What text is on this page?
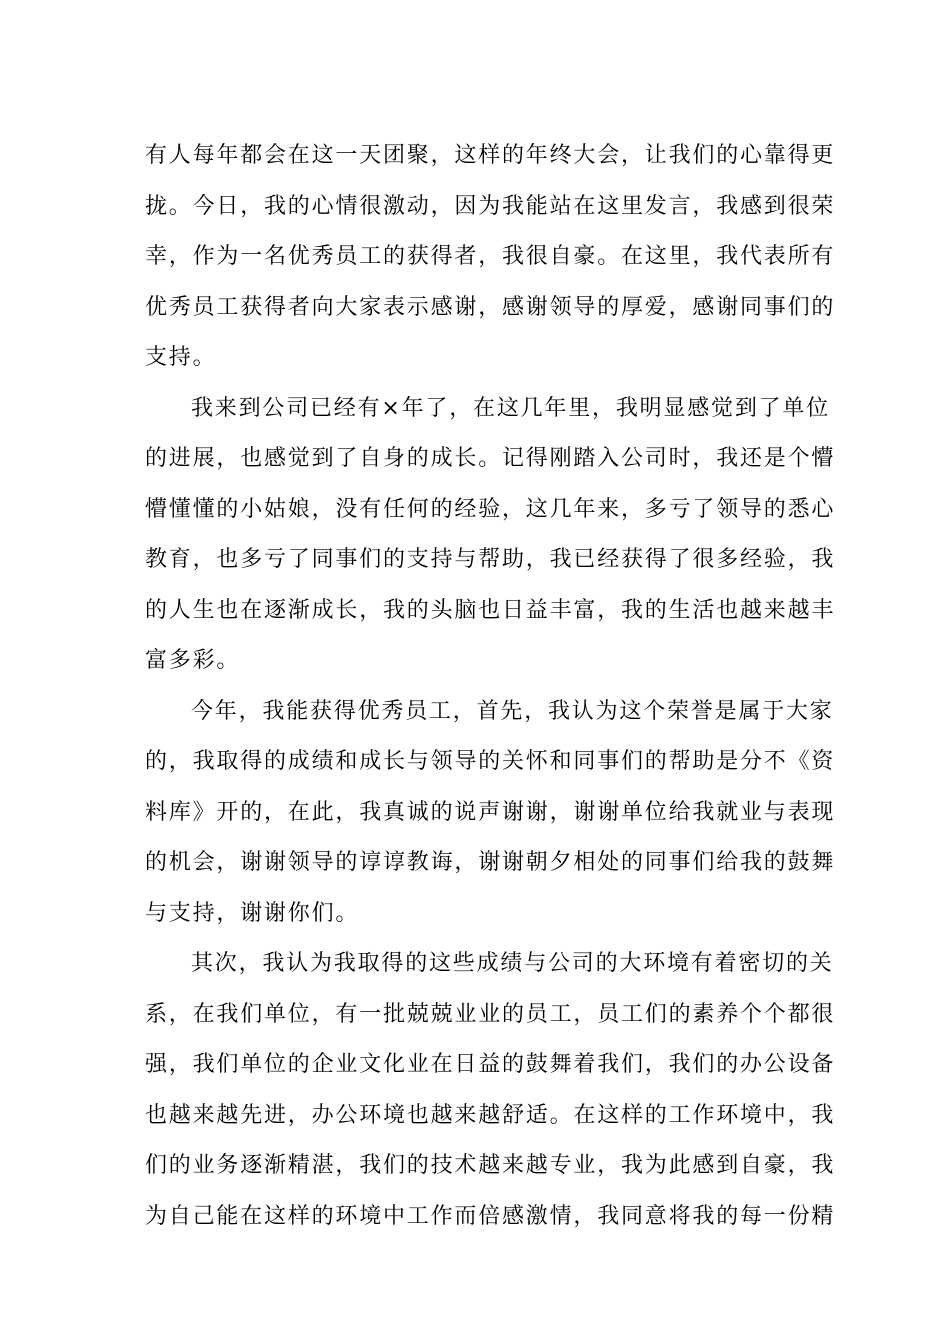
有人每年都会在这一天团聚，这样的年终大会，让我们的心靠得更
拢。今日，我的心情很激动，因为我能站在这里发言，我感到很荣
幸，作为一名优秀员工的获得者，我很自豪。在这里，我代表所有
优秀员工获得者向大家表示感谢，感谢领导的厚爱，感谢同事们的
支持。
我来到公司已经有×年了，在这几年里，我明显感觉到了单位
的进展，也感觉到了自身的成长。记得刚踏入公司时，我还是个懵
懵懂懂的小姑娘，没有任何的经验，这几年来，多亏了领导的悉心
教育，也多亏了同事们的支持与帮助，我已经获得了很多经验，我
的人生也在逐渐成长，我的头脑也日益丰富，我的生活也越来越丰
富多彩。
今年，我能获得优秀员工，首先，我认为这个荣誉是属于大家
的，我取得的成绩和成长与领导的关怀和同事们的帮助是分不《资
料库》开的，在此，我真诚的说声谢谢，谢谢单位给我就业与表现
的机会，谢谢领导的谆谆教诲，谢谢朝夕相处的同事们给我的鼓舞
与支持，谢谢你们。
其次，我认为我取得的这些成绩与公司的大环境有着密切的关
系，在我们单位，有一批兢兢业业的员工，员工们的素养个个都很
强，我们单位的企业文化业在日益的鼓舞着我们，我们的办公设备
也越来越先进，办公环境也越来越舒适。在这样的工作环境中，我
们的业务逐渐精湛，我们的技术越来越专业，我为此感到自豪，我
为自己能在这样的环境中工作而倍感激情，我同意将我的每一份精
